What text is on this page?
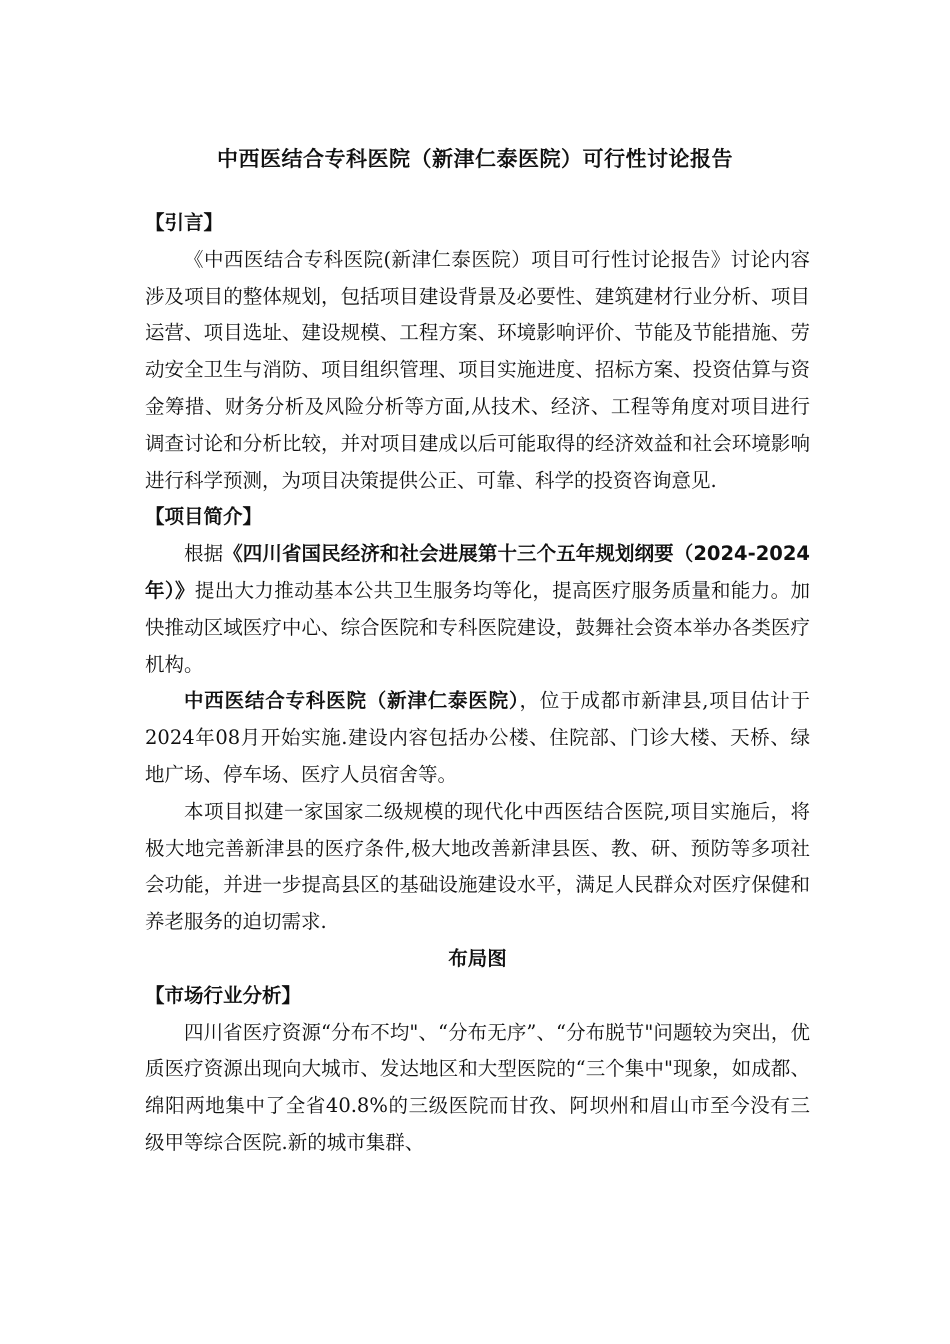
中西医结合专科医院（新津仁泰医院）可行性讨论报告

【引言】

《中西医结合专科医院(新津仁泰医院）项目可行性讨论报告》讨论内容涉及项目的整体规划，包括项目建设背景及必要性、建筑建材行业分析、项目运营、项目选址、建设规模、工程方案、环境影响评价、节能及节能措施、劳动安全卫生与消防、项目组织管理、项目实施进度、招标方案、投资估算与资金筹措、财务分析及风险分析等方面,从技术、经济、工程等角度对项目进行调查讨论和分析比较，并对项目建成以后可能取得的经济效益和社会环境影响进行科学预测，为项目决策提供公正、可靠、科学的投资咨询意见.

【项目简介】

根据《四川省国民经济和社会进展第十三个五年规划纲要（2024-2024年）》提出大力推动基本公共卫生服务均等化，提高医疗服务质量和能力。加快推动区域医疗中心、综合医院和专科医院建设，鼓舞社会资本举办各类医疗机构。

中西医结合专科医院（新津仁泰医院），位于成都市新津县,项目估计于2024年08月开始实施.建设内容包括办公楼、住院部、门诊大楼、天桥、绿地广场、停车场、医疗人员宿舍等。

本项目拟建一家国家二级规模的现代化中西医结合医院,项目实施后，将极大地完善新津县的医疗条件,极大地改善新津县医、教、研、预防等多项社会功能，并进一步提高县区的基础设施建设水平，满足人民群众对医疗保健和养老服务的迫切需求.

布局图

【市场行业分析】

四川省医疗资源“分布不均"、“分布无序”、“分布脱节"问题较为突出，优质医疗资源出现向大城市、发达地区和大型医院的“三个集中"现象，如成都、绵阳两地集中了全省40.8%的三级医院而甘孜、阿坝州和眉山市至今没有三级甲等综合医院.新的城市集群、
